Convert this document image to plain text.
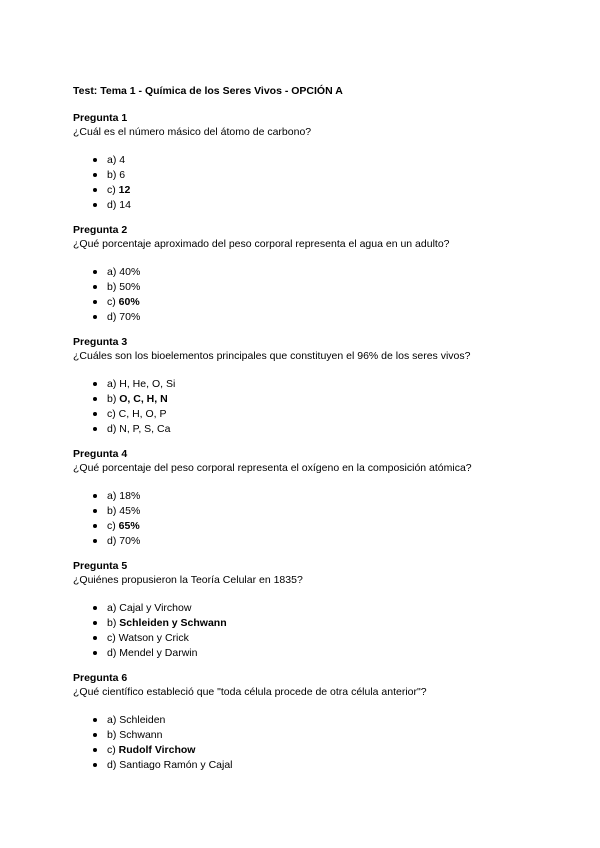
Test: Tema 1 - Química de los Seres Vivos - OPCIÓN A
Pregunta 1
¿Cuál es el número másico del átomo de carbono?
a) 4
b) 6
c) 12
d) 14
Pregunta 2
¿Qué porcentaje aproximado del peso corporal representa el agua en un adulto?
a) 40%
b) 50%
c) 60%
d) 70%
Pregunta 3
¿Cuáles son los bioelementos principales que constituyen el 96% de los seres vivos?
a) H, He, O, Si
b) O, C, H, N
c) C, H, O, P
d) N, P, S, Ca
Pregunta 4
¿Qué porcentaje del peso corporal representa el oxígeno en la composición atómica?
a) 18%
b) 45%
c) 65%
d) 70%
Pregunta 5
¿Quiénes propusieron la Teoría Celular en 1835?
a) Cajal y Virchow
b) Schleiden y Schwann
c) Watson y Crick
d) Mendel y Darwin
Pregunta 6
¿Qué científico estableció que "toda célula procede de otra célula anterior"?
a) Schleiden
b) Schwann
c) Rudolf Virchow
d) Santiago Ramón y Cajal
